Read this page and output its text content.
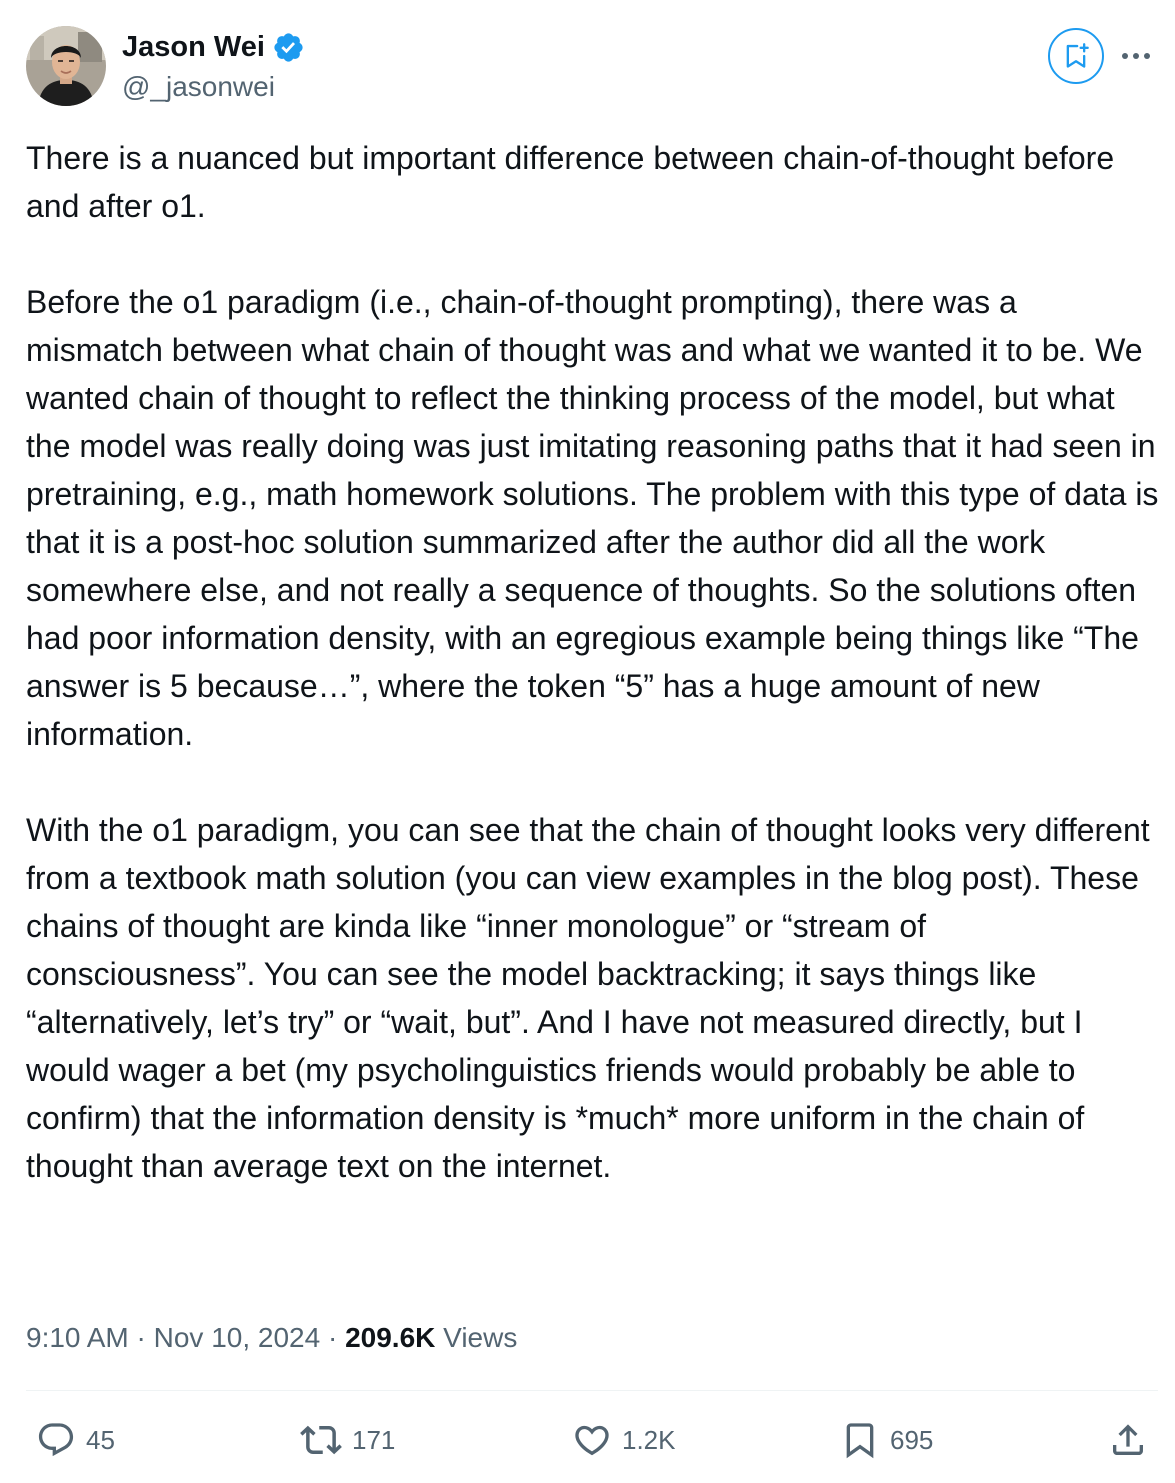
Jason Wei
@_jasonwei

There is a nuanced but important difference between chain-of-thought before and after o1.

Before the o1 paradigm (i.e., chain-of-thought prompting), there was a mismatch between what chain of thought was and what we wanted it to be. We wanted chain of thought to reflect the thinking process of the model, but what the model was really doing was just imitating reasoning paths that it had seen in pretraining, e.g., math homework solutions. The problem with this type of data is that it is a post-hoc solution summarized after the author did all the work somewhere else, and not really a sequence of thoughts. So the solutions often had poor information density, with an egregious example being things like “The answer is 5 because…”, where the token “5” has a huge amount of new information.

With the o1 paradigm, you can see that the chain of thought looks very different from a textbook math solution (you can view examples in the blog post). These chains of thought are kinda like “inner monologue” or “stream of consciousness”. You can see the model backtracking; it says things like “alternatively, let’s try” or “wait, but”. And I have not measured directly, but I would wager a bet (my psycholinguistics friends would probably be able to confirm) that the information density is *much* more uniform in the chain of thought than average text on the internet.

9:10 AM · Nov 10, 2024 · 209.6K Views
45	171	1.2K	695
